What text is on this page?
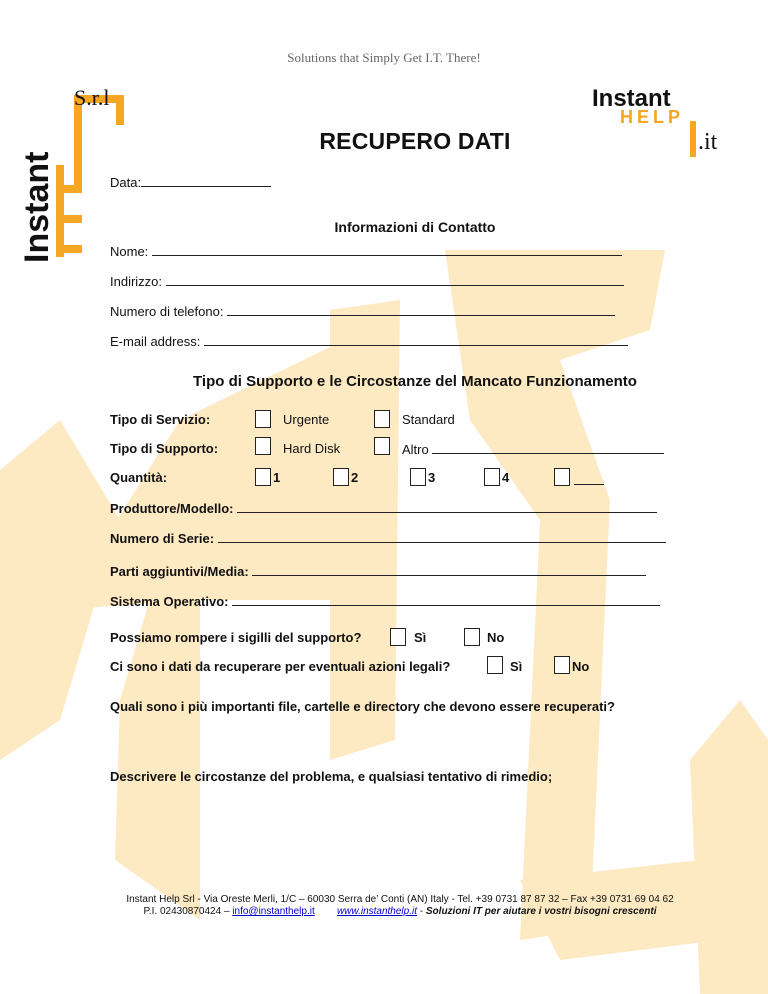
Solutions that Simply Get I.T. There!
Instant
S.r.l	Instant
HELP
.it
RECUPERO DATI
Data:
Informazioni di Contatto
Nome:
Indirizzo:
Numero di telefono:
E-mail address:
Tipo di Supporto e le Circostanze del Mancato Funzionamento
Tipo di Servizio:	Urgente	Standard
Tipo di Supporto:	Hard Disk	Altro
Quantità:	1	2	3	4
Produttore/Modello:
Numero di Serie:
Parti aggiuntivi/Media:
Sistema Operativo:
Possiamo rompere i sigilli del supporto?	Sì	No
Ci sono i dati da recuperare per eventuali azioni legali?	Sì	No
Quali sono i più importanti file, cartelle e directory che devono essere recuperati?
Descrivere le circostanze del problema, e qualsiasi tentativo di rimedio;
Instant Help Srl - Via Oreste Merli, 1/C – 60030 Serra de’ Conti (AN) Italy - Tel. +39 0731 87 87 32 – Fax +39 0731 69 04 62
P.I. 02430870424 – info@instanthelp.it www.instanthelp.it - Soluzioni IT per aiutare i vostri bisogni crescenti
